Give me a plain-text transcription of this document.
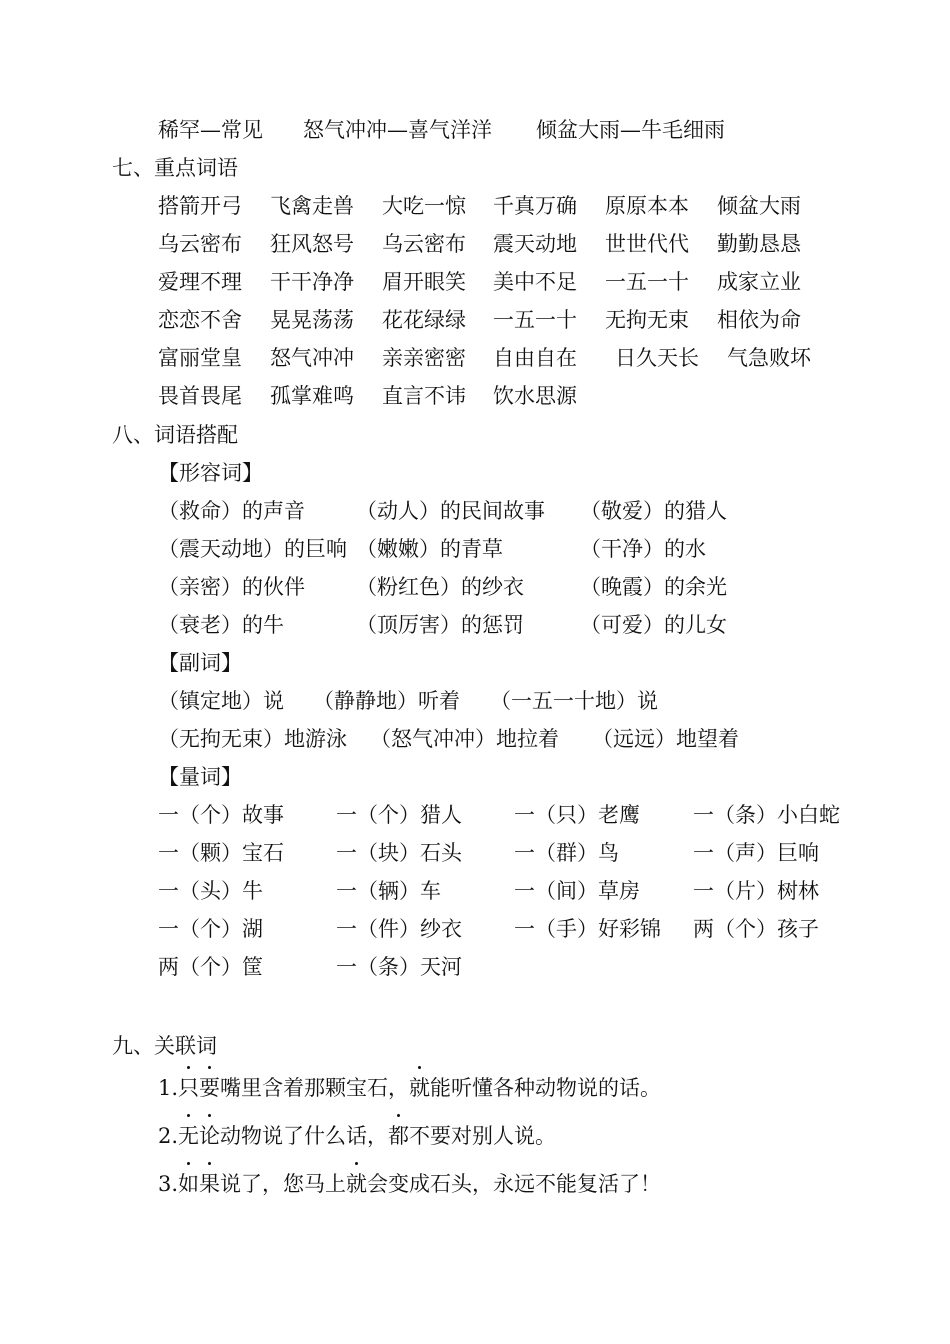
稀罕—常见 怒气冲冲—喜气洋洋 倾盆大雨—牛毛细雨
七、重点词语
搭箭开弓 飞禽走兽 大吃一惊 千真万确 原原本本 倾盆大雨
乌云密布 狂风怒号 乌云密布 震天动地 世世代代 勤勤恳恳
爱理不理 干干净净 眉开眼笑 美中不足 一五一十 成家立业
恋恋不舍 晃晃荡荡 花花绿绿 一五一十 无拘无束 相依为命
富丽堂皇 怒气冲冲 亲亲密密 自由自在 日久天长 气急败坏
畏首畏尾 孤掌难鸣 直言不讳 饮水思源
八、词语搭配
【形容词】
（救命）的声音 （动人）的民间故事 （敬爱）的猎人
（震天动地）的巨响 （嫩嫩）的青草	（干净）的水
（亲密）的伙伴 （粉红色）的纱衣	（晚霞）的余光
（衰老）的牛	（顶厉害）的惩罚	（可爱）的儿女
【副词】
（镇定地）说 （静静地）听着 （一五一十地）说
（无拘无束）地游泳 （怒气冲冲）地拉着 （远远）地望着
【量词】
一（个）故事 一（个）猎人 一（只）老鹰	一（条）小白蛇
一（颗）宝石 一（块）石头 一（群）鸟	一（声）巨响
一（头）牛	一（辆）车	一（间）草房	一（片）树林
一（个）湖	一（件）纱衣 一（手）好彩锦 两（个）孩子
两（个）筐	一（条）天河
九、关联词
1.只要嘴里含着那颗宝石，就能听懂各种动物说的话。
2.无论动物说了什么话，都不要对别人说。
3.如果说了，您马上就会变成石头，永远不能复活了！
